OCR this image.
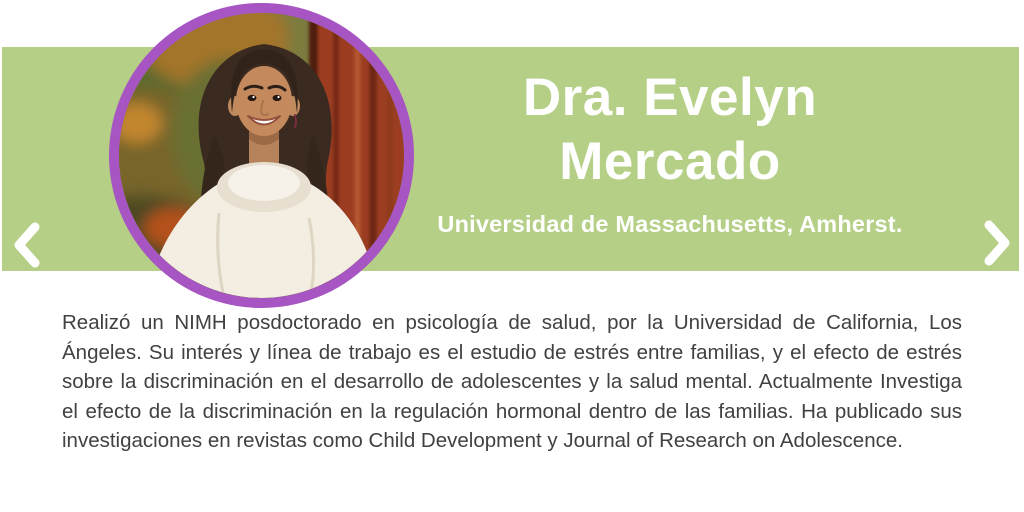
Dra. Evelyn Mercado
Universidad de Massachusetts, Amherst.

Realizó un NIMH posdoctorado en psicología de salud, por la Universidad de California, Los Ángeles. Su interés y línea de trabajo es el estudio de estrés entre familias, y el efecto de estrés sobre la discriminación en el desarrollo de adolescentes y la salud mental. Actualmente Investiga el efecto de la discriminación en la regulación hormonal dentro de las familias. Ha publicado sus investigaciones en revistas como Child Development y Journal of Research on Adolescence.
